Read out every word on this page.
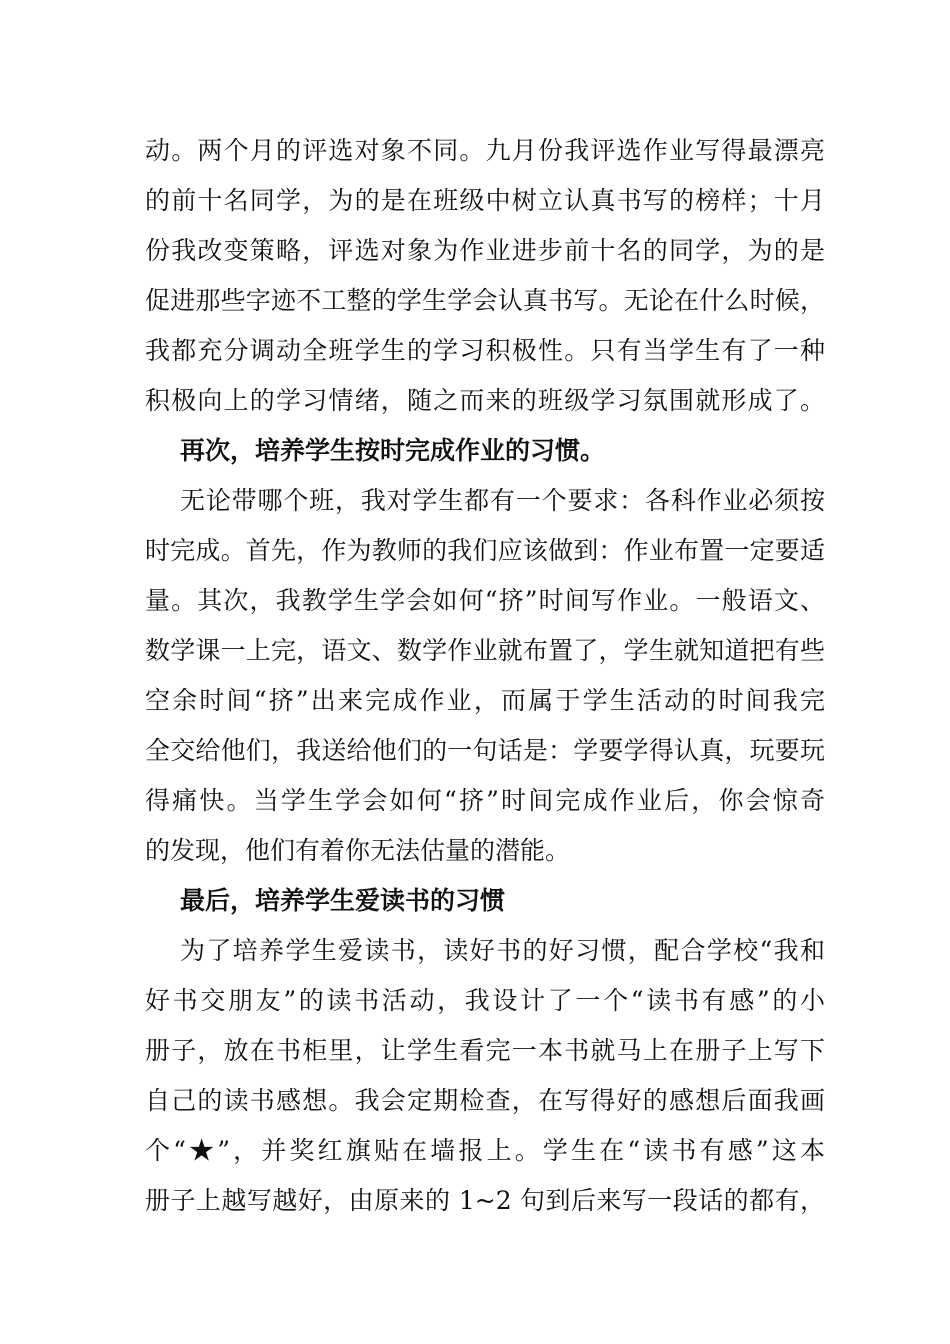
动。两个月的评选对象不同。九月份我评选作业写得最漂亮
的前十名同学，为的是在班级中树立认真书写的榜样；十月
份我改变策略，评选对象为作业进步前十名的同学，为的是
促进那些字迹不工整的学生学会认真书写。无论在什么时候，
我都充分调动全班学生的学习积极性。只有当学生有了一种
积极向上的学习情绪，随之而来的班级学习氛围就形成了。
再次，培养学生按时完成作业的习惯。
无论带哪个班，我对学生都有一个要求：各科作业必须按
时完成。首先，作为教师的我们应该做到：作业布置一定要适
量。其次，我教学生学会如何“挤”时间写作业。一般语文、
数学课一上完，语文、数学作业就布置了，学生就知道把有些
空余时间“挤”出来完成作业，而属于学生活动的时间我完
全交给他们，我送给他们的一句话是：学要学得认真，玩要玩
得痛快。当学生学会如何“挤”时间完成作业后，你会惊奇
的发现，他们有着你无法估量的潜能。
最后，培养学生爱读书的习惯
为了培养学生爱读书，读好书的好习惯，配合学校“我和
好书交朋友”的读书活动，我设计了一个“读书有感”的小
册子，放在书柜里，让学生看完一本书就马上在册子上写下
自己的读书感想。我会定期检查，在写得好的感想后面我画
个“★”，并奖红旗贴在墙报上。学生在“读书有感”这本
册子上越写越好，由原来的 1~2 句到后来写一段话的都有，
